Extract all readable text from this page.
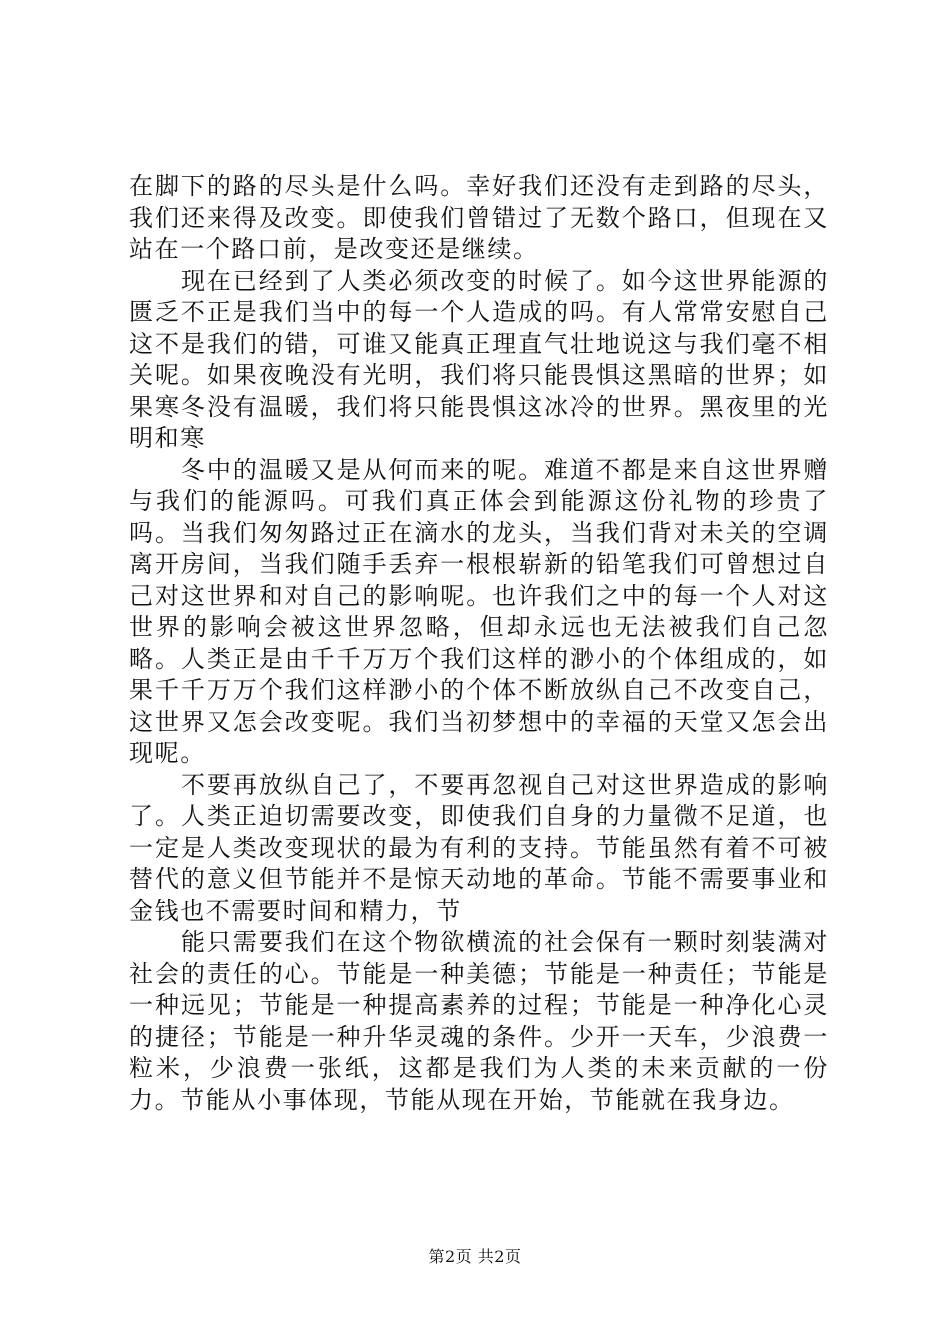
在脚下的路的尽头是什么吗。幸好我们还没有走到路的尽头，我们还来得及改变。即使我们曾错过了无数个路口，但现在又站在一个路口前，是改变还是继续。

现在已经到了人类必须改变的时候了。如今这世界能源的匮乏不正是我们当中的每一个人造成的吗。有人常常安慰自己这不是我们的错，可谁又能真正理直气壮地说这与我们毫不相关呢。如果夜晚没有光明，我们将只能畏惧这黑暗的世界；如果寒冬没有温暖，我们将只能畏惧这冰冷的世界。黑夜里的光明和寒

冬中的温暖又是从何而来的呢。难道不都是来自这世界赠与我们的能源吗。可我们真正体会到能源这份礼物的珍贵了吗。当我们匆匆路过正在滴水的龙头，当我们背对未关的空调离开房间，当我们随手丢弃一根根崭新的铅笔我们可曾想过自己对这世界和对自己的影响呢。也许我们之中的每一个人对这世界的影响会被这世界忽略，但却永远也无法被我们自己忽略。人类正是由千千万万个我们这样的渺小的个体组成的，如果千千万万个我们这样渺小的个体不断放纵自己不改变自己，这世界又怎会改变呢。我们当初梦想中的幸福的天堂又怎会出现呢。

不要再放纵自己了，不要再忽视自己对这世界造成的影响了。人类正迫切需要改变，即使我们自身的力量微不足道，也一定是人类改变现状的最为有利的支持。节能虽然有着不可被替代的意义但节能并不是惊天动地的革命。节能不需要事业和金钱也不需要时间和精力，节

能只需要我们在这个物欲横流的社会保有一颗时刻装满对社会的责任的心。节能是一种美德；节能是一种责任；节能是一种远见；节能是一种提高素养的过程；节能是一种净化心灵的捷径；节能是一种升华灵魂的条件。少开一天车，少浪费一粒米，少浪费一张纸，这都是我们为人类的未来贡献的一份力。节能从小事体现，节能从现在开始，节能就在我身边。

第2页 共2页
